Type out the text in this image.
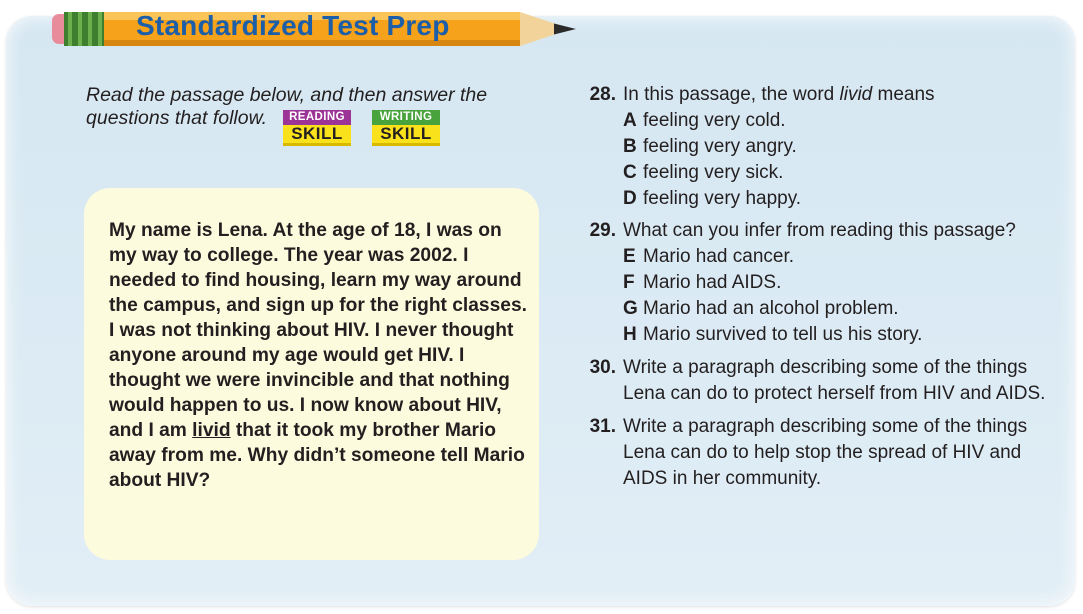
Standardized Test Prep
Read the passage below, and then answer the questions that follow.	READING
SKILL
WRITING
SKILL
My name is Lena. At the age of 18, I was on my way to college. The year was 2002. I needed to find housing, learn my way around the campus, and sign up for the right classes. I was not thinking about HIV. I never thought anyone around my age would get HIV. I thought we were invincible and that nothing would happen to us. I now know about HIV, and I am livid that it took my brother Mario away from me. Why didn’t someone tell Mario about HIV?
28. In this passage, the word livid means
A feeling very cold.
B feeling very angry.
C feeling very sick.
D feeling very happy.
29. What can you infer from reading this passage?
E Mario had cancer.
F Mario had AIDS.
G Mario had an alcohol problem.
H Mario survived to tell us his story.
30. Write a paragraph describing some of the things
Lena can do to protect herself from HIV and AIDS.
31. Write a paragraph describing some of the things
Lena can do to help stop the spread of HIV and
AIDS in her community.
